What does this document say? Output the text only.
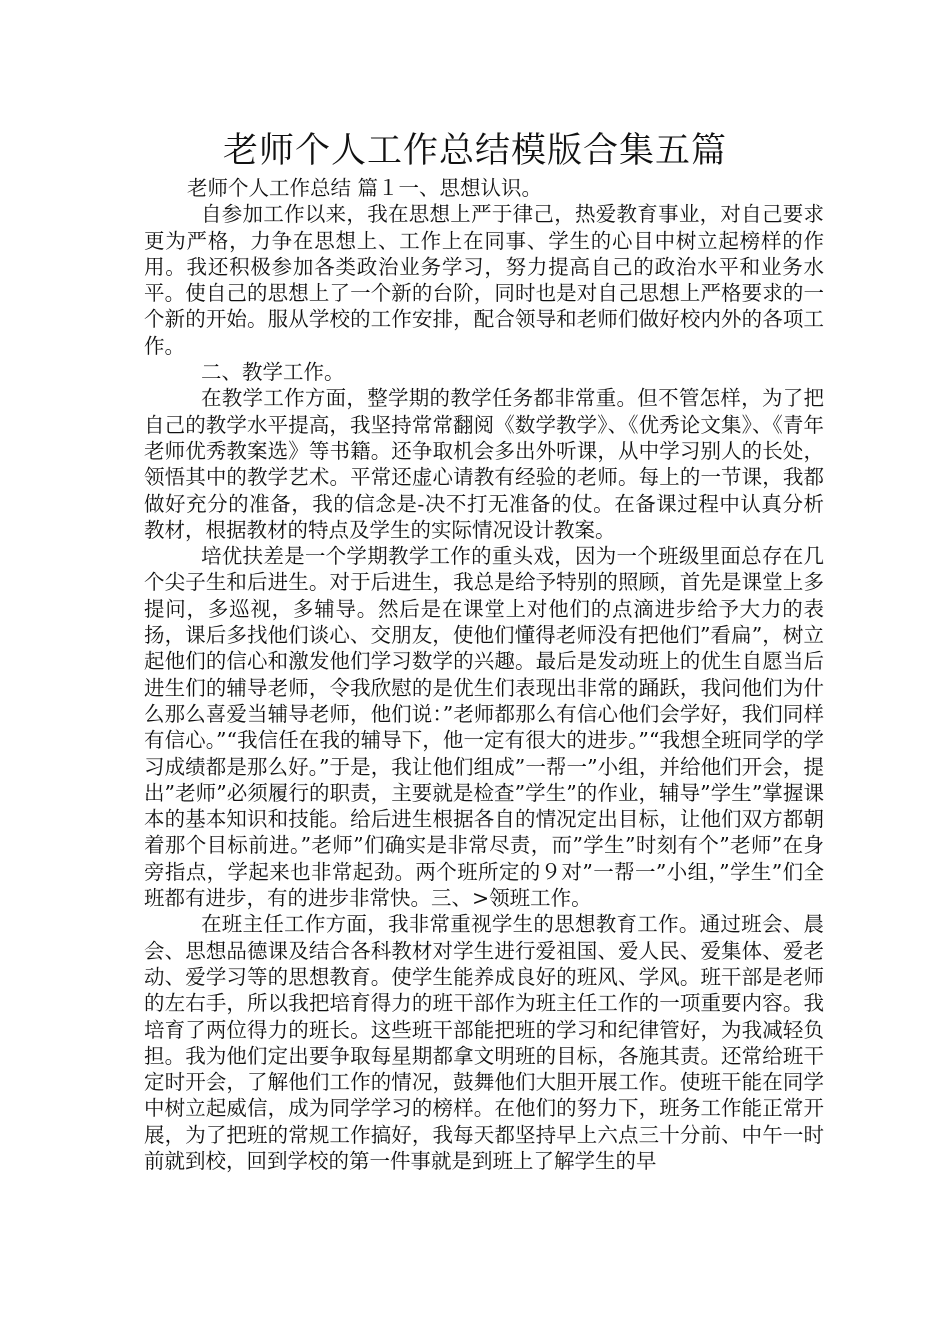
老师个人工作总结模版合集五篇

老师个人工作总结 篇１一、思想认识。

自参加工作以来，我在思想上严于律己，热爱教育事业，对自己要求更为严格，力争在思想上、工作上在同事、学生的心目中树立起榜样的作用。我还积极参加各类政治业务学习，努力提高自己的政治水平和业务水平。使自己的思想上了一个新的台阶，同时也是对自己思想上严格要求的一个新的开始。服从学校的工作安排，配合领导和老师们做好校内外的各项工作。

二、教学工作。

在教学工作方面，整学期的教学任务都非常重。但不管怎样，为了把自己的教学水平提高，我坚持常常翻阅《数学教学》、《优秀论文集》、《青年老师优秀教案选》等书籍。还争取机会多出外听课，从中学习别人的长处，领悟其中的教学艺术。平常还虚心请教有经验的老师。每上的一节课，我都做好充分的准备，我的信念是-决不打无准备的仗。在备课过程中认真分析教材，根据教材的特点及学生的实际情况设计教案。

培优扶差是一个学期教学工作的重头戏，因为一个班级里面总存在几个尖子生和后进生。对于后进生，我总是给予特别的照顾，首先是课堂上多提问，多巡视，多辅导。然后是在课堂上对他们的点滴进步给予大力的表扬，课后多找他们谈心、交朋友，使他们懂得老师没有把他们”看扁”，树立起他们的信心和激发他们学习数学的兴趣。最后是发动班上的优生自愿当后进生们的辅导老师，令我欣慰的是优生们表现出非常的踊跃，我问他们为什么那么喜爱当辅导老师，他们说：”老师都那么有信心他们会学好，我们同样有信心。”“我信任在我的辅导下，他一定有很大的进步。”“我想全班同学的学习成绩都是那么好。”于是，我让他们组成”一帮一”小组，并给他们开会，提出”老师”必须履行的职责，主要就是检查”学生”的作业，辅导”学生”掌握课本的基本知识和技能。给后进生根据各自的情况定出目标，让他们双方都朝着那个目标前进。”老师”们确实是非常尽责，而”学生”时刻有个”老师”在身旁指点，学起来也非常起劲。两个班所定的９对”一帮一”小组，”学生”们全班都有进步，有的进步非常快。三、>领班工作。

在班主任工作方面，我非常重视学生的思想教育工作。通过班会、晨会、思想品德课及结合各科教材对学生进行爱祖国、爱人民、爱集体、爱老动、爱学习等的思想教育。使学生能养成良好的班风、学风。班干部是老师的左右手，所以我把培育得力的班干部作为班主任工作的一项重要内容。我培育了两位得力的班长。这些班干部能把班的学习和纪律管好，为我减轻负担。我为他们定出要争取每星期都拿文明班的目标，各施其责。还常给班干定时开会，了解他们工作的情况，鼓舞他们大胆开展工作。使班干能在同学中树立起威信，成为同学学习的榜样。在他们的努力下，班务工作能正常开展，为了把班的常规工作搞好，我每天都坚持早上六点三十分前、中午一时前就到校，回到学校的第一件事就是到班上了解学生的早
